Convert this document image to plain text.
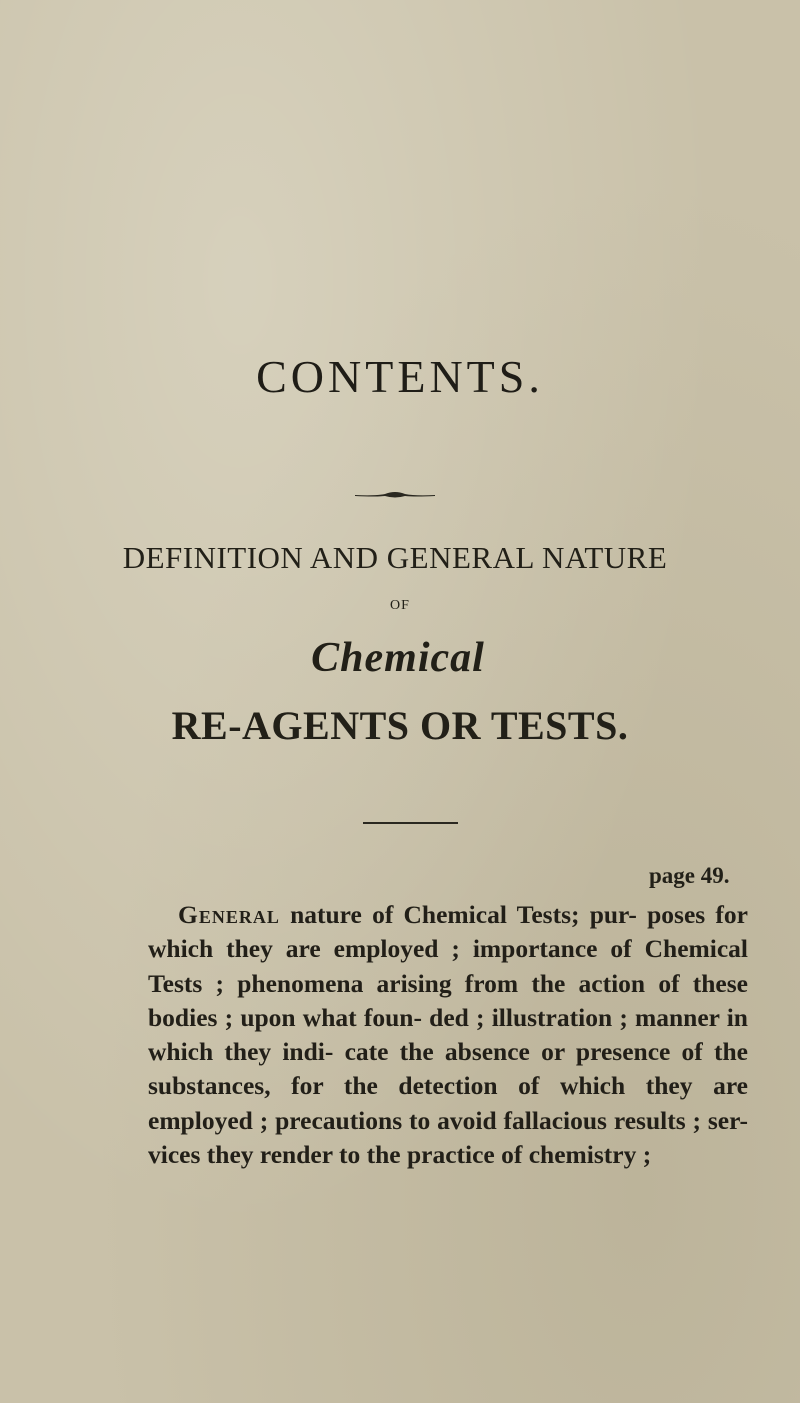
CONTENTS.

DEFINITION AND GENERAL NATURE

OF

Chemical

RE-AGENTS OR TESTS.

page 49.

General nature of Chemical Tests; pur- poses for which they are employed ; importance of Chemical Tests ; phenomena arising from the action of these bodies ; upon what foun- ded ; illustration ; manner in which they indi- cate the absence or presence of the substances, for the detection of which they are employed ; precautions to avoid fallacious results ; ser- vices they render to the practice of chemistry ;
